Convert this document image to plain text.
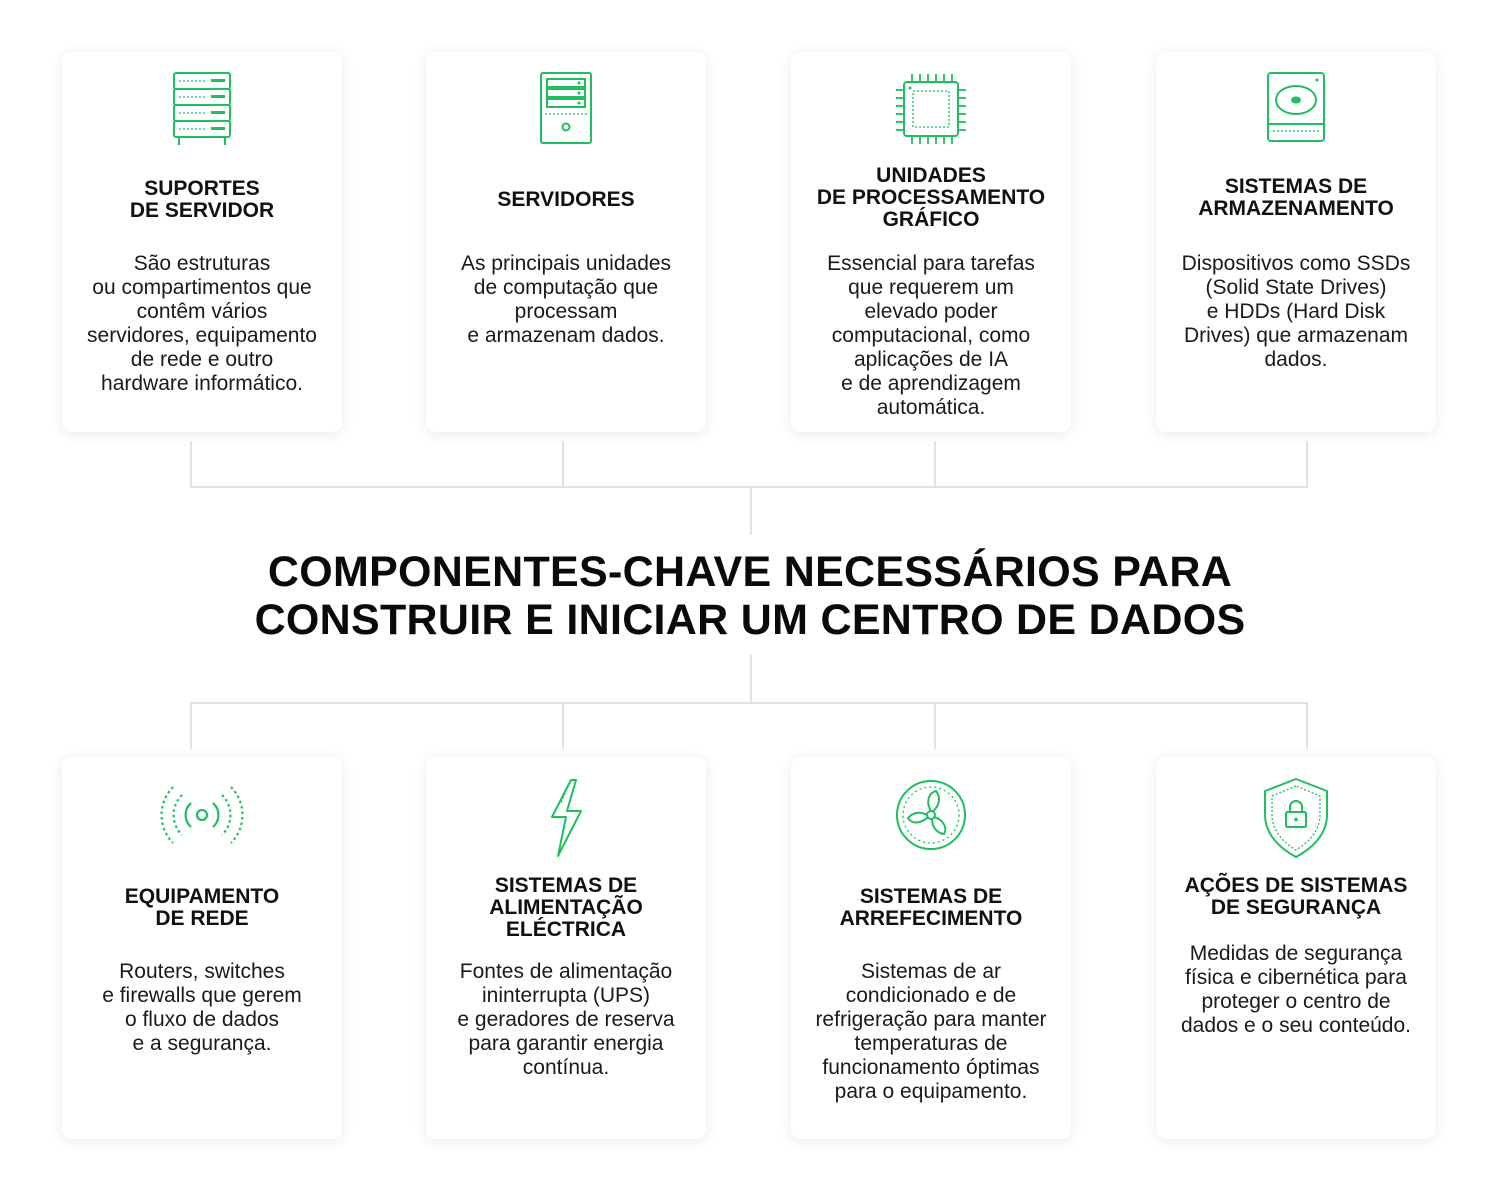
SUPORTES
DE SERVIDOR
São estruturas
ou compartimentos que
contêm vários
servidores, equipamento
de rede e outro
hardware informático.
SERVIDORES
As principais unidades
de computação que
processam
e armazenam dados.
UNIDADES
DE PROCESSAMENTO
GRÁFICO
Essencial para tarefas
que requerem um
elevado poder
computacional, como
aplicações de IA
e de aprendizagem
automática.
SISTEMAS DE
ARMAZENAMENTO
Dispositivos como SSDs
(Solid State Drives)
e HDDs (Hard Disk
Drives) que armazenam
dados.
COMPONENTES-CHAVE NECESSÁRIOS PARA
CONSTRUIR E INICIAR UM CENTRO DE DADOS
EQUIPAMENTO
DE REDE
Routers, switches
e firewalls que gerem
o fluxo de dados
e a segurança.
SISTEMAS DE
ALIMENTAÇÃO
ELÉCTRICA
Fontes de alimentação
ininterrupta (UPS)
e geradores de reserva
para garantir energia
contínua.
SISTEMAS DE
ARREFECIMENTO
Sistemas de ar
condicionado e de
refrigeração para manter
temperaturas de
funcionamento óptimas
para o equipamento.
AÇÕES DE SISTEMAS
DE SEGURANÇA
Medidas de segurança
física e cibernética para
proteger o centro de
dados e o seu conteúdo.
